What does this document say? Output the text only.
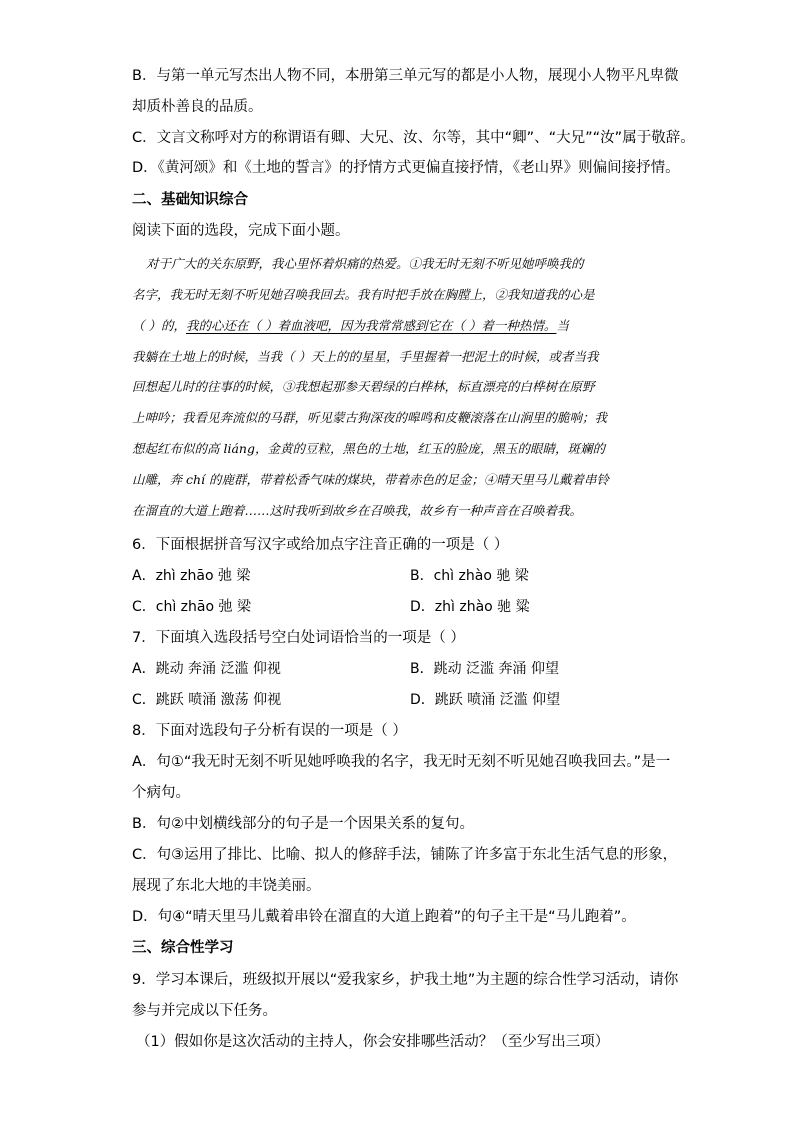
B．与第一单元写杰出人物不同，本册第三单元写的都是小人物，展现小人物平凡卑微
却质朴善良的品质。
C．文言文称呼对方的称谓语有卿、大兄、汝、尔等，其中“卿”、“大兄”“汝”属于敬辞。
D．《黄河颂》和《土地的誓言》的抒情方式更偏直接抒情，《老山界》则偏间接抒情。
二、基础知识综合
阅读下面的选段，完成下面小题。
对于广大的关东原野，我心里怀着炽痛的热爱。①我无时无刻不听见她呼唤我的
名字，我无时无刻不听见她召唤我回去。我有时把手放在胸膛上，②我知道我的心是
（ ）的，我的心还在（ ）着血液吧，因为我常常感到它在（ ）着一种热情。当
我躺在土地上的时候，当我（ ）天上的的星星，手里握着一把泥土的时候，或者当我
回想起儿时的往事的时候，③我想起那参天碧绿的白桦林，标直漂亮的白桦树在原野
上呻吟；我看见奔流似的马群，听见蒙古狗深夜的嗥鸣和皮鞭滚落在山涧里的脆响；我
想起红布似的高 liáng，金黄的豆粒，黑色的土地，红玉的脸庞，黑玉的眼睛，斑斓的
山雕，奔 chí 的鹿群，带着松香气味的煤块，带着赤色的足金；④晴天里马儿戴着串铃
在溜直的大道上跑着……这时我听到故乡在召唤我，故乡有一种声音在召唤着我。
6．下面根据拼音写汉字或给加点字注音正确的一项是（ ）
A．zhì zhāo 弛 梁	B．chì zhào 驰 梁
C．chì zhāo 弛 梁	D．zhì zhào 驰 粱
7．下面填入选段括号空白处词语恰当的一项是（ ）
A．跳动 奔涌 泛滥 仰视	B．跳动 泛滥 奔涌 仰望
C．跳跃 喷涌 激荡 仰视	D．跳跃 喷涌 泛滥 仰望
8．下面对选段句子分析有误的一项是（ ）
A．句①“我无时无刻不听见她呼唤我的名字，我无时无刻不听见她召唤我回去。”是一
个病句。
B．句②中划横线部分的句子是一个因果关系的复句。
C．句③运用了排比、比喻、拟人的修辞手法，铺陈了许多富于东北生活气息的形象，
展现了东北大地的丰饶美丽。
D．句④“晴天里马儿戴着串铃在溜直的大道上跑着”的句子主干是“马儿跑着”。
三、综合性学习
9．学习本课后，班级拟开展以“爱我家乡，护我土地”为主题的综合性学习活动，请你
参与并完成以下任务。
（1）假如你是这次活动的主持人，你会安排哪些活动？（至少写出三项）
